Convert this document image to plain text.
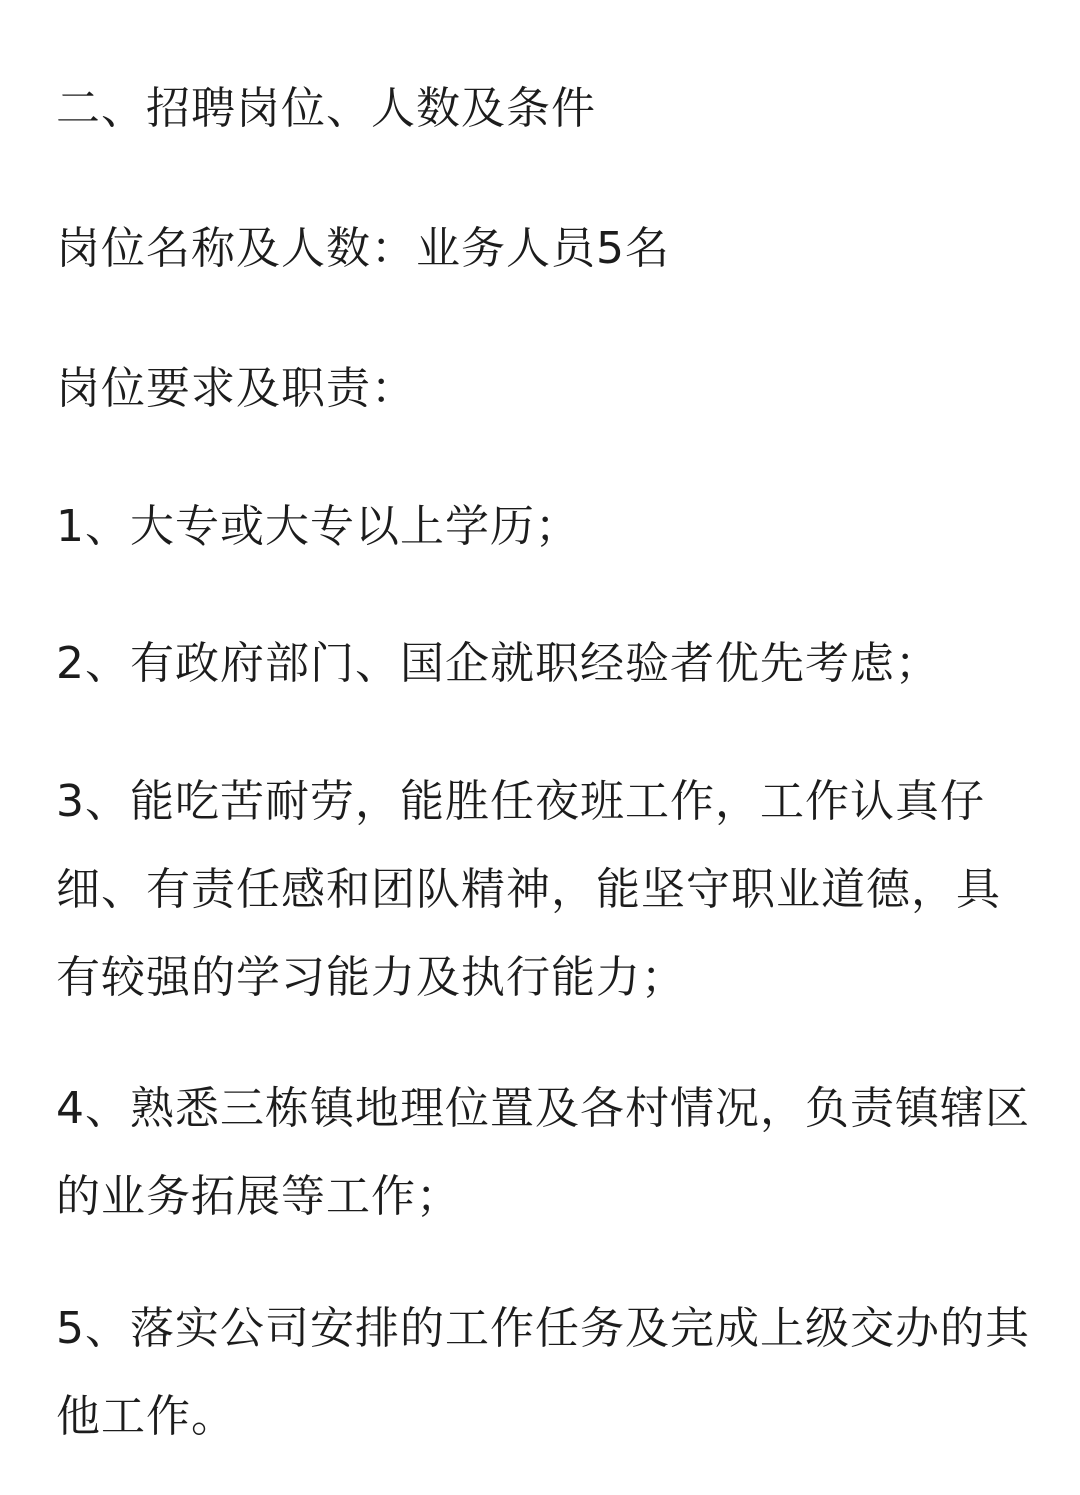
二、招聘岗位、人数及条件

岗位名称及人数：业务人员5名

岗位要求及职责：

1、大专或大专以上学历；

2、有政府部门、国企就职经验者优先考虑；

3、能吃苦耐劳，能胜任夜班工作，工作认真仔细、有责任感和团队精神，能坚守职业道德，具有较强的学习能力及执行能力；

4、熟悉三栋镇地理位置及各村情况，负责镇辖区的业务拓展等工作；

5、落实公司安排的工作任务及完成上级交办的其他工作。
